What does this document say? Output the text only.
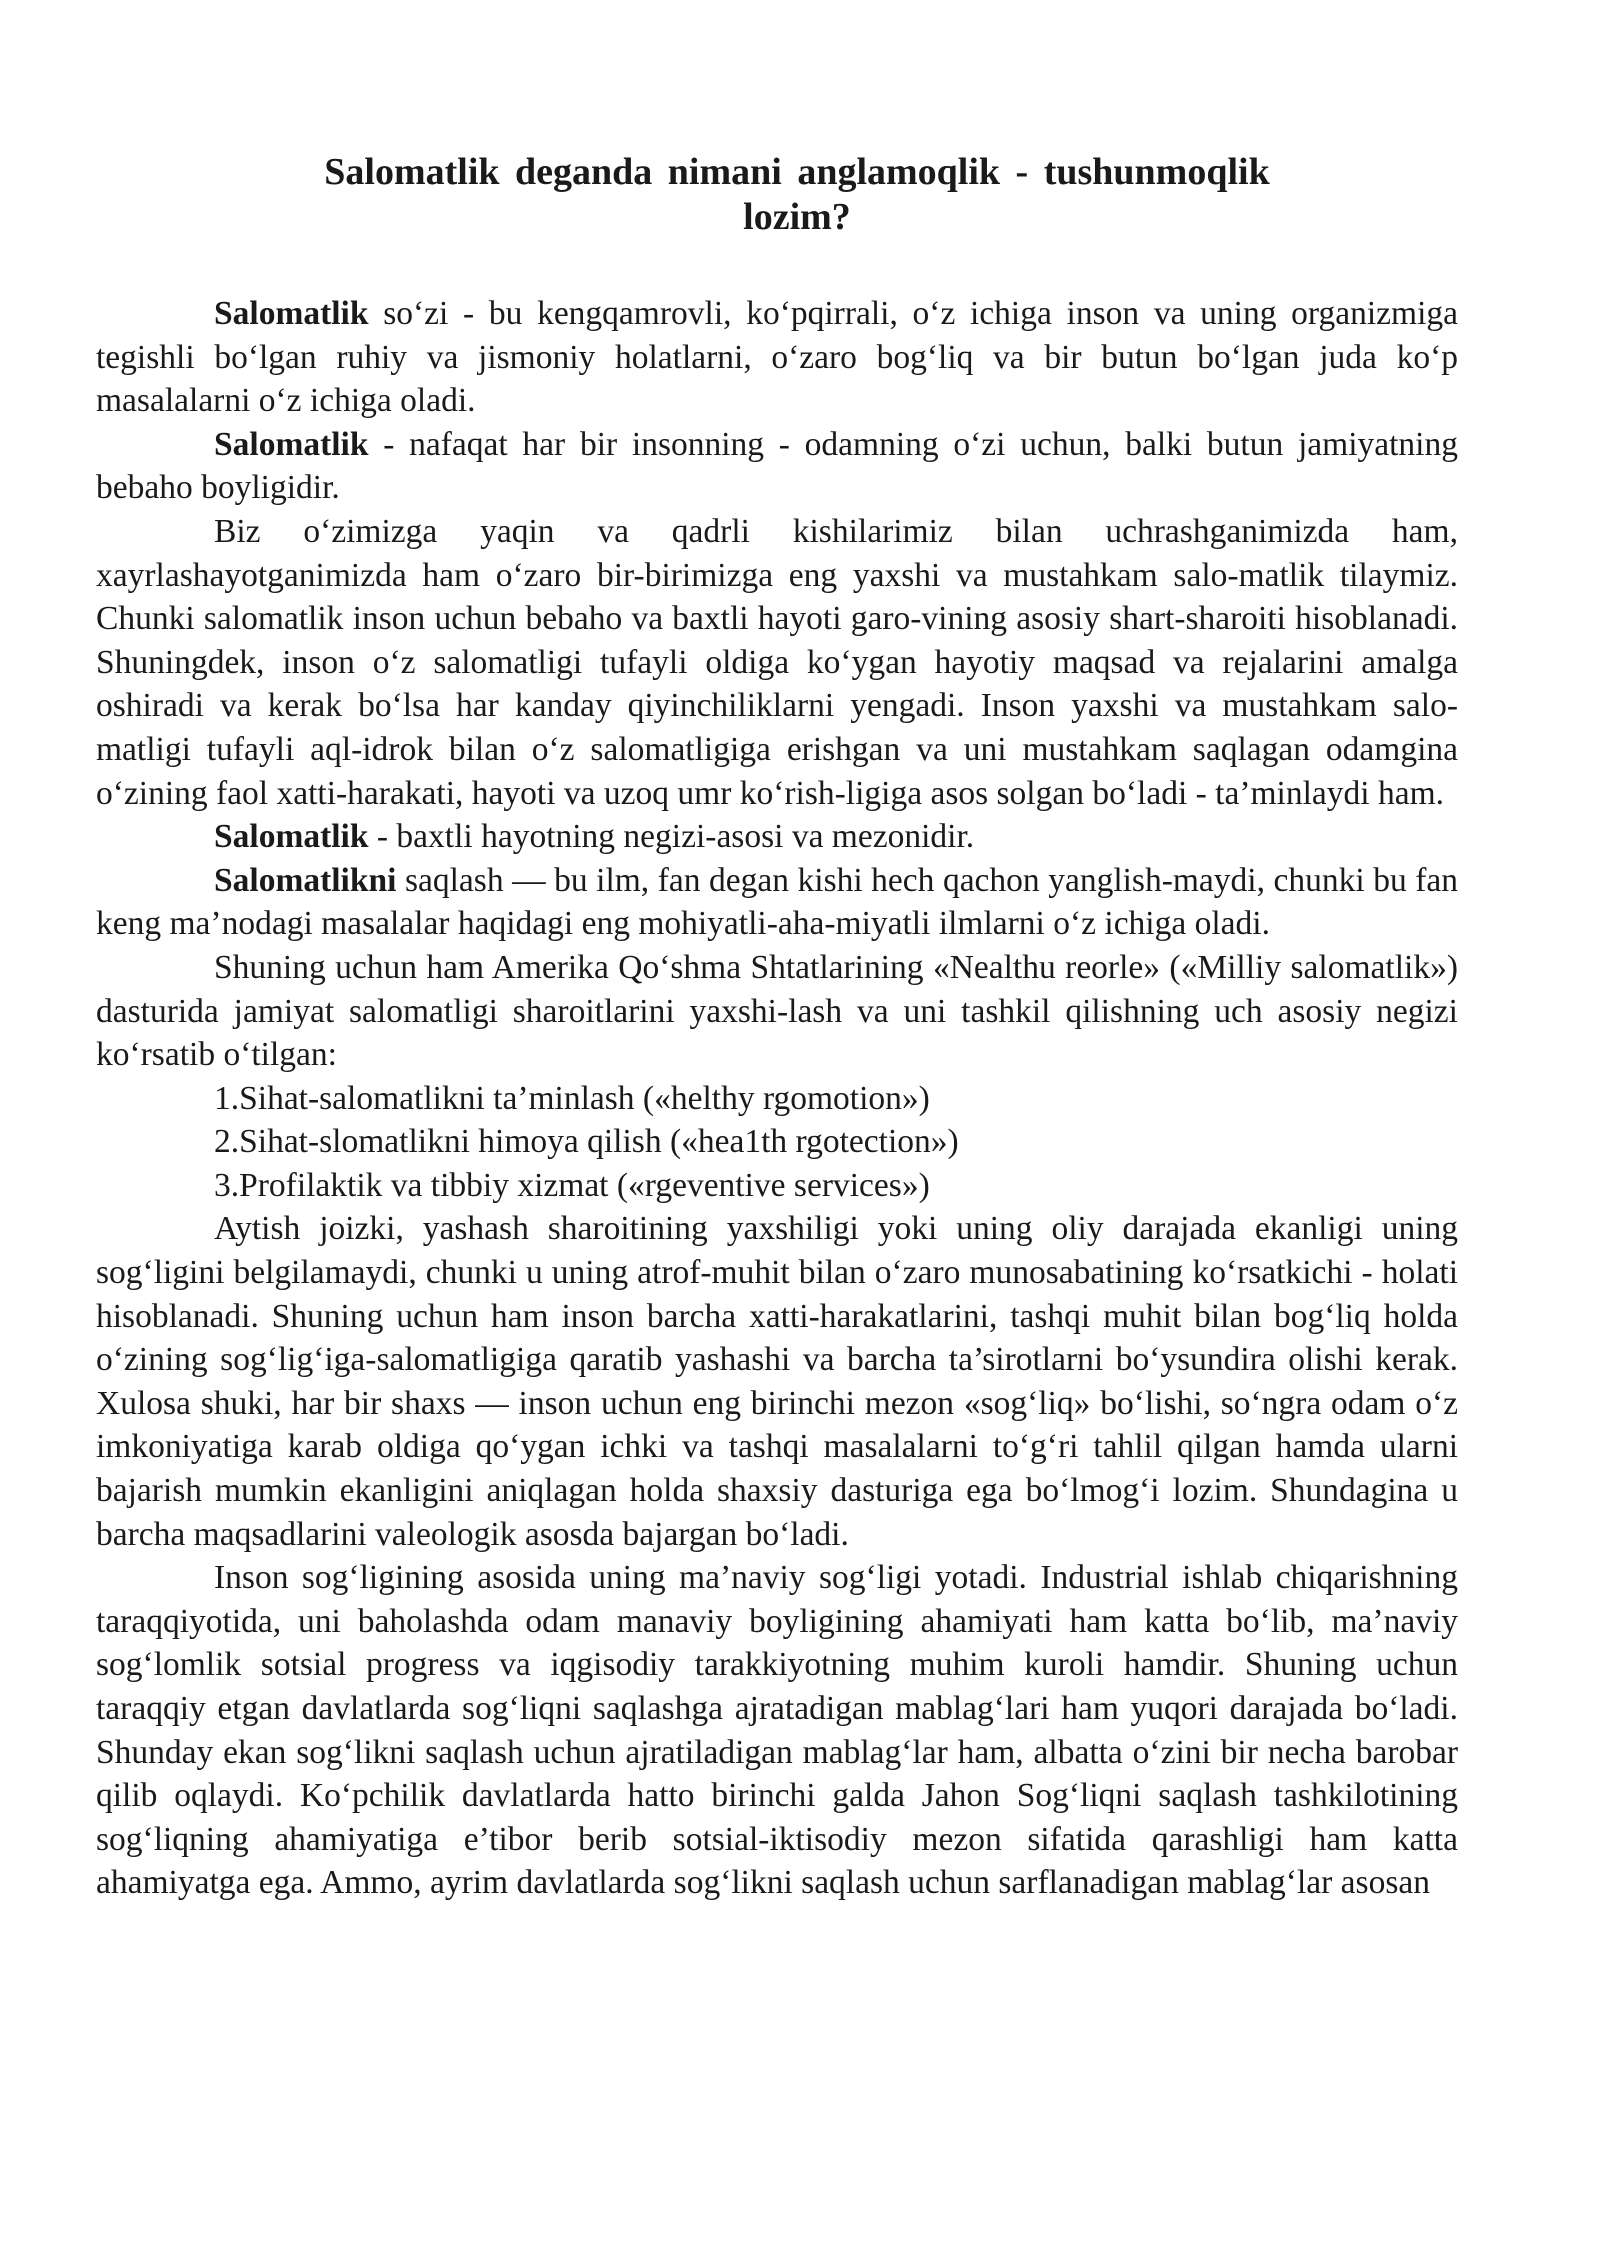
Salomatlik deganda nimani anglamoqlik - tushunmoqlik
lozim?

Salomatlik so‘zi - bu kengqamrovli, ko‘pqirrali, o‘z ichiga inson va uning organizmiga tegishli bo‘lgan ruhiy va jismoniy holatlarni, o‘zaro bog‘liq va bir butun bo‘lgan juda ko‘p masalalarni o‘z ichiga oladi.

Salomatlik - nafaqat har bir insonning - odamning o‘zi uchun, balki butun jamiyatning bebaho boyligidir.

Biz o‘zimizga yaqin va qadrli kishilarimiz bilan uchrashganimizda ham, xayrlashayotganimizda ham o‘zaro bir-birimizga eng yaxshi va mustahkam salo-matlik tilaymiz. Chunki salomatlik inson uchun bebaho va baxtli hayoti garo-vining asosiy shart-sharoiti hisoblanadi. Shuningdek, inson o‘z salomatligi tufayli oldiga ko‘ygan hayotiy maqsad va rejalarini amalga oshiradi va kerak bo‘lsa har kanday qiyinchiliklarni yengadi. Inson yaxshi va mustahkam salo-matligi tufayli aql-idrok bilan o‘z salomatligiga erishgan va uni mustahkam saqlagan odamgina o‘zining faol xatti-harakati, hayoti va uzoq umr ko‘rish-ligiga asos solgan bo‘ladi - ta’minlaydi ham.

Salomatlik - baxtli hayotning negizi-asosi va mezonidir.

Salomatlikni saqlash — bu ilm, fan degan kishi hech qachon yanglish-maydi, chunki bu fan keng ma’nodagi masalalar haqidagi eng mohiyatli-aha-miyatli ilmlarni o‘z ichiga oladi.

Shuning uchun ham Amerika Qo‘shma Shtatlarining «Nealthu reorle» («Milliy salomatlik») dasturida jamiyat salomatligi sharoitlarini yaxshi-lash va uni tashkil qilishning uch asosiy negizi ko‘rsatib o‘tilgan:

1.Sihat-salomatlikni ta’minlash («helthy rgomotion»)

2.Sihat-slomatlikni himoya qilish («hea1th rgotection»)

3.Profilaktik va tibbiy xizmat («rgeventive services»)

Aytish joizki, yashash sharoitining yaxshiligi yoki uning oliy darajada ekanligi uning sog‘ligini belgilamaydi, chunki u uning atrof-muhit bilan o‘zaro munosabatining ko‘rsatkichi - holati hisoblanadi. Shuning uchun ham inson barcha xatti-harakatlarini, tashqi muhit bilan bog‘liq holda o‘zining sog‘lig‘iga-salomatligiga qaratib yashashi va barcha ta’sirotlarni bo‘ysundira olishi kerak. Xulosa shuki, har bir shaxs — inson uchun eng birinchi mezon «sog‘liq» bo‘lishi, so‘ngra odam o‘z imkoniyatiga karab oldiga qo‘ygan ichki va tashqi masalalarni to‘g‘ri tahlil qilgan hamda ularni bajarish mumkin ekanligini aniqlagan holda shaxsiy dasturiga ega bo‘lmog‘i lozim. Shundagina u barcha maqsadlarini valeologik asosda bajargan bo‘ladi.

Inson sog‘ligining asosida uning ma’naviy sog‘ligi yotadi. Industrial ishlab chiqarishning taraqqiyotida, uni baholashda odam manaviy boyligining ahamiyati ham katta bo‘lib, ma’naviy sog‘lomlik sotsial progress va iqgisodiy tarakkiyotning muhim kuroli hamdir. Shuning uchun taraqqiy etgan davlatlarda sog‘liqni saqlashga ajratadigan mablag‘lari ham yuqori darajada bo‘ladi. Shunday ekan sog‘likni saqlash uchun ajratiladigan mablag‘lar ham, albatta o‘zini bir necha barobar qilib oqlaydi. Ko‘pchilik davlatlarda hatto birinchi galda Jahon Sog‘liqni saqlash tashkilotining sog‘liqning ahamiyatiga e’tibor berib sotsial-iktisodiy mezon sifatida qarashligi ham katta ahamiyatga ega. Ammo, ayrim davlatlarda sog‘likni saqlash uchun sarflanadigan mablag‘lar asosan
